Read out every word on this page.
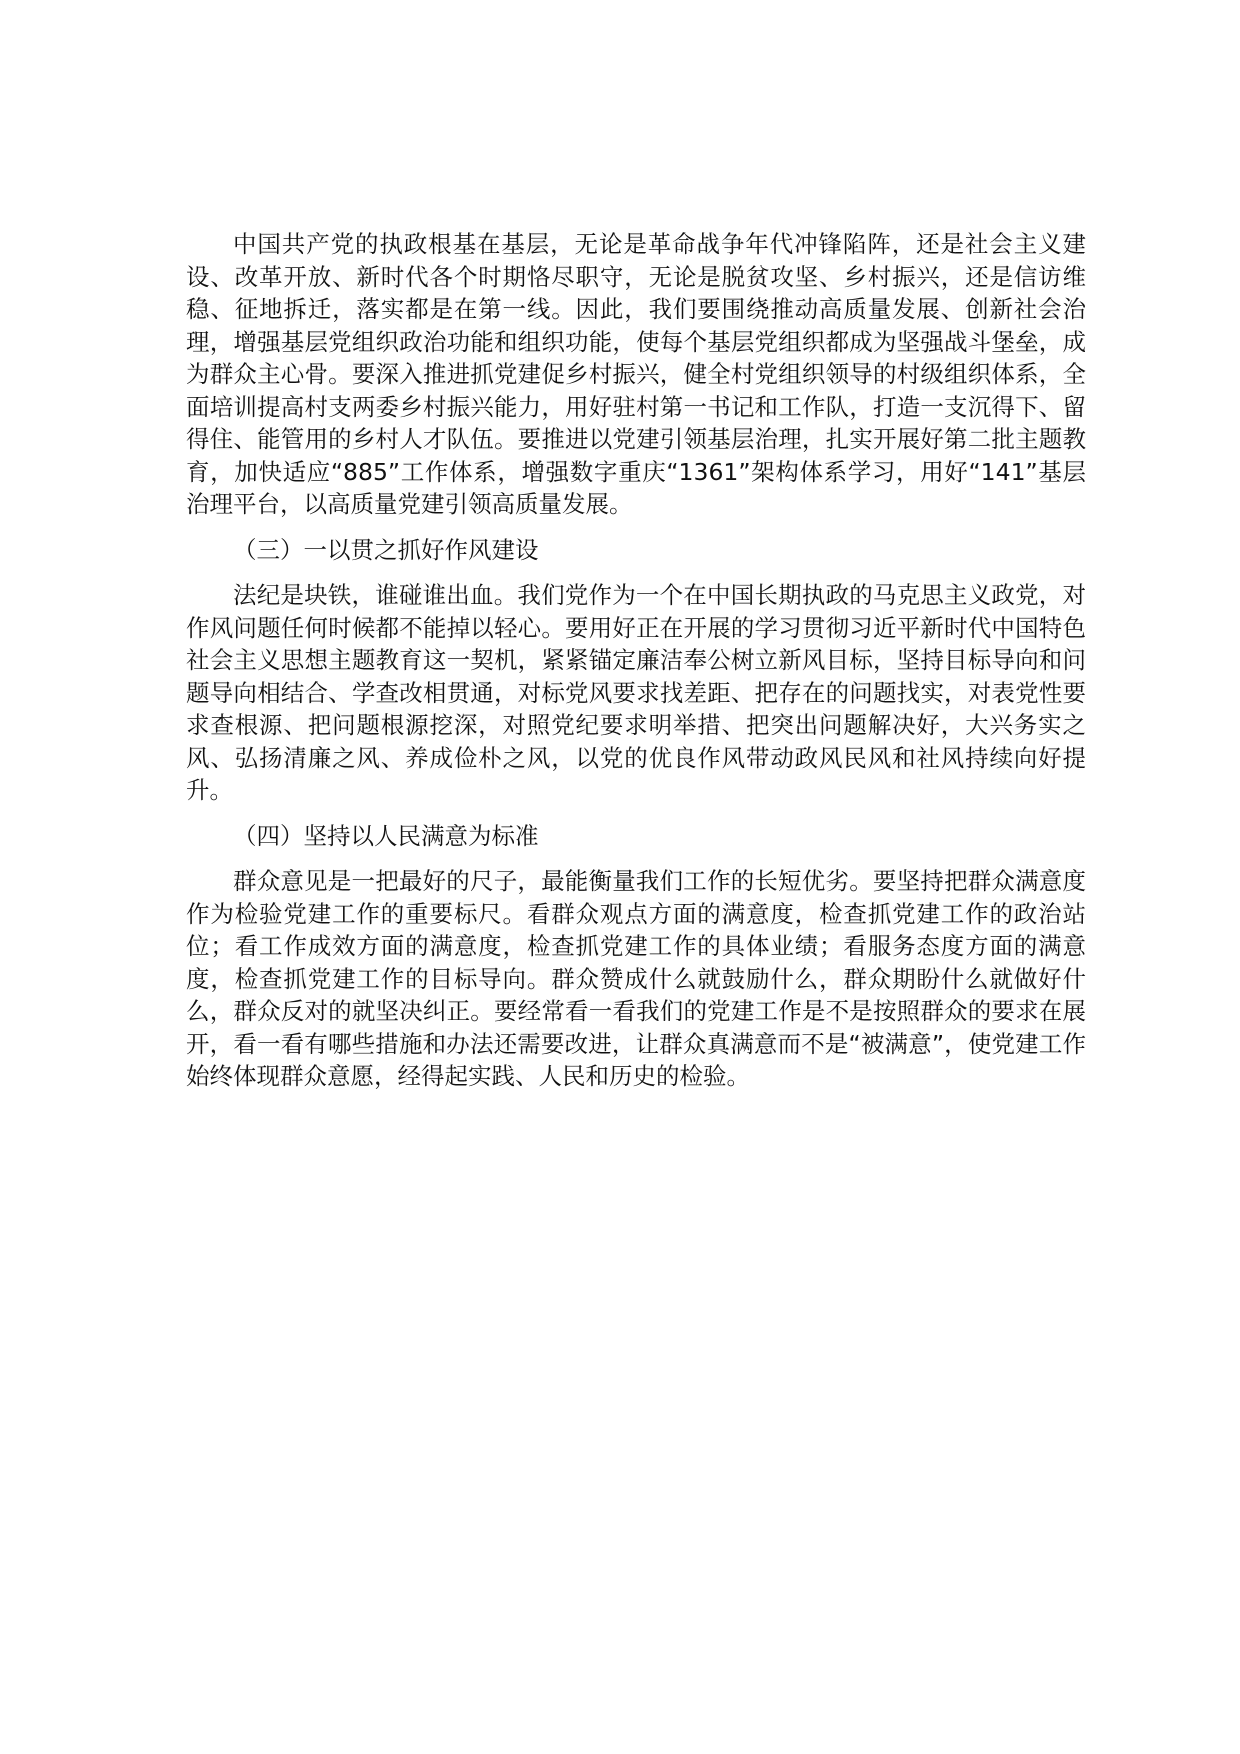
中国共产党的执政根基在基层，无论是革命战争年代冲锋陷阵，还是社会主义建设、改革开放、新时代各个时期恪尽职守，无论是脱贫攻坚、乡村振兴，还是信访维稳、征地拆迁，落实都是在第一线。因此，我们要围绕推动高质量发展、创新社会治理，增强基层党组织政治功能和组织功能，使每个基层党组织都成为坚强战斗堡垒，成为群众主心骨。要深入推进抓党建促乡村振兴，健全村党组织领导的村级组织体系，全面培训提高村支两委乡村振兴能力，用好驻村第一书记和工作队，打造一支沉得下、留得住、能管用的乡村人才队伍。要推进以党建引领基层治理，扎实开展好第二批主题教育，加快适应“885”工作体系，增强数字重庆“1361”架构体系学习，用好“141”基层治理平台，以高质量党建引领高质量发展。

（三）一以贯之抓好作风建设

法纪是块铁，谁碰谁出血。我们党作为一个在中国长期执政的马克思主义政党，对作风问题任何时候都不能掉以轻心。要用好正在开展的学习贯彻习近平新时代中国特色社会主义思想主题教育这一契机，紧紧锚定廉洁奉公树立新风目标，坚持目标导向和问题导向相结合、学查改相贯通，对标党风要求找差距、把存在的问题找实，对表党性要求查根源、把问题根源挖深，对照党纪要求明举措、把突出问题解决好，大兴务实之风、弘扬清廉之风、养成俭朴之风，以党的优良作风带动政风民风和社风持续向好提升。

（四）坚持以人民满意为标准

群众意见是一把最好的尺子，最能衡量我们工作的长短优劣。要坚持把群众满意度作为检验党建工作的重要标尺。看群众观点方面的满意度，检查抓党建工作的政治站位；看工作成效方面的满意度，检查抓党建工作的具体业绩；看服务态度方面的满意度，检查抓党建工作的目标导向。群众赞成什么就鼓励什么，群众期盼什么就做好什么，群众反对的就坚决纠正。要经常看一看我们的党建工作是不是按照群众的要求在展开，看一看有哪些措施和办法还需要改进，让群众真满意而不是“被满意”，使党建工作始终体现群众意愿，经得起实践、人民和历史的检验。
